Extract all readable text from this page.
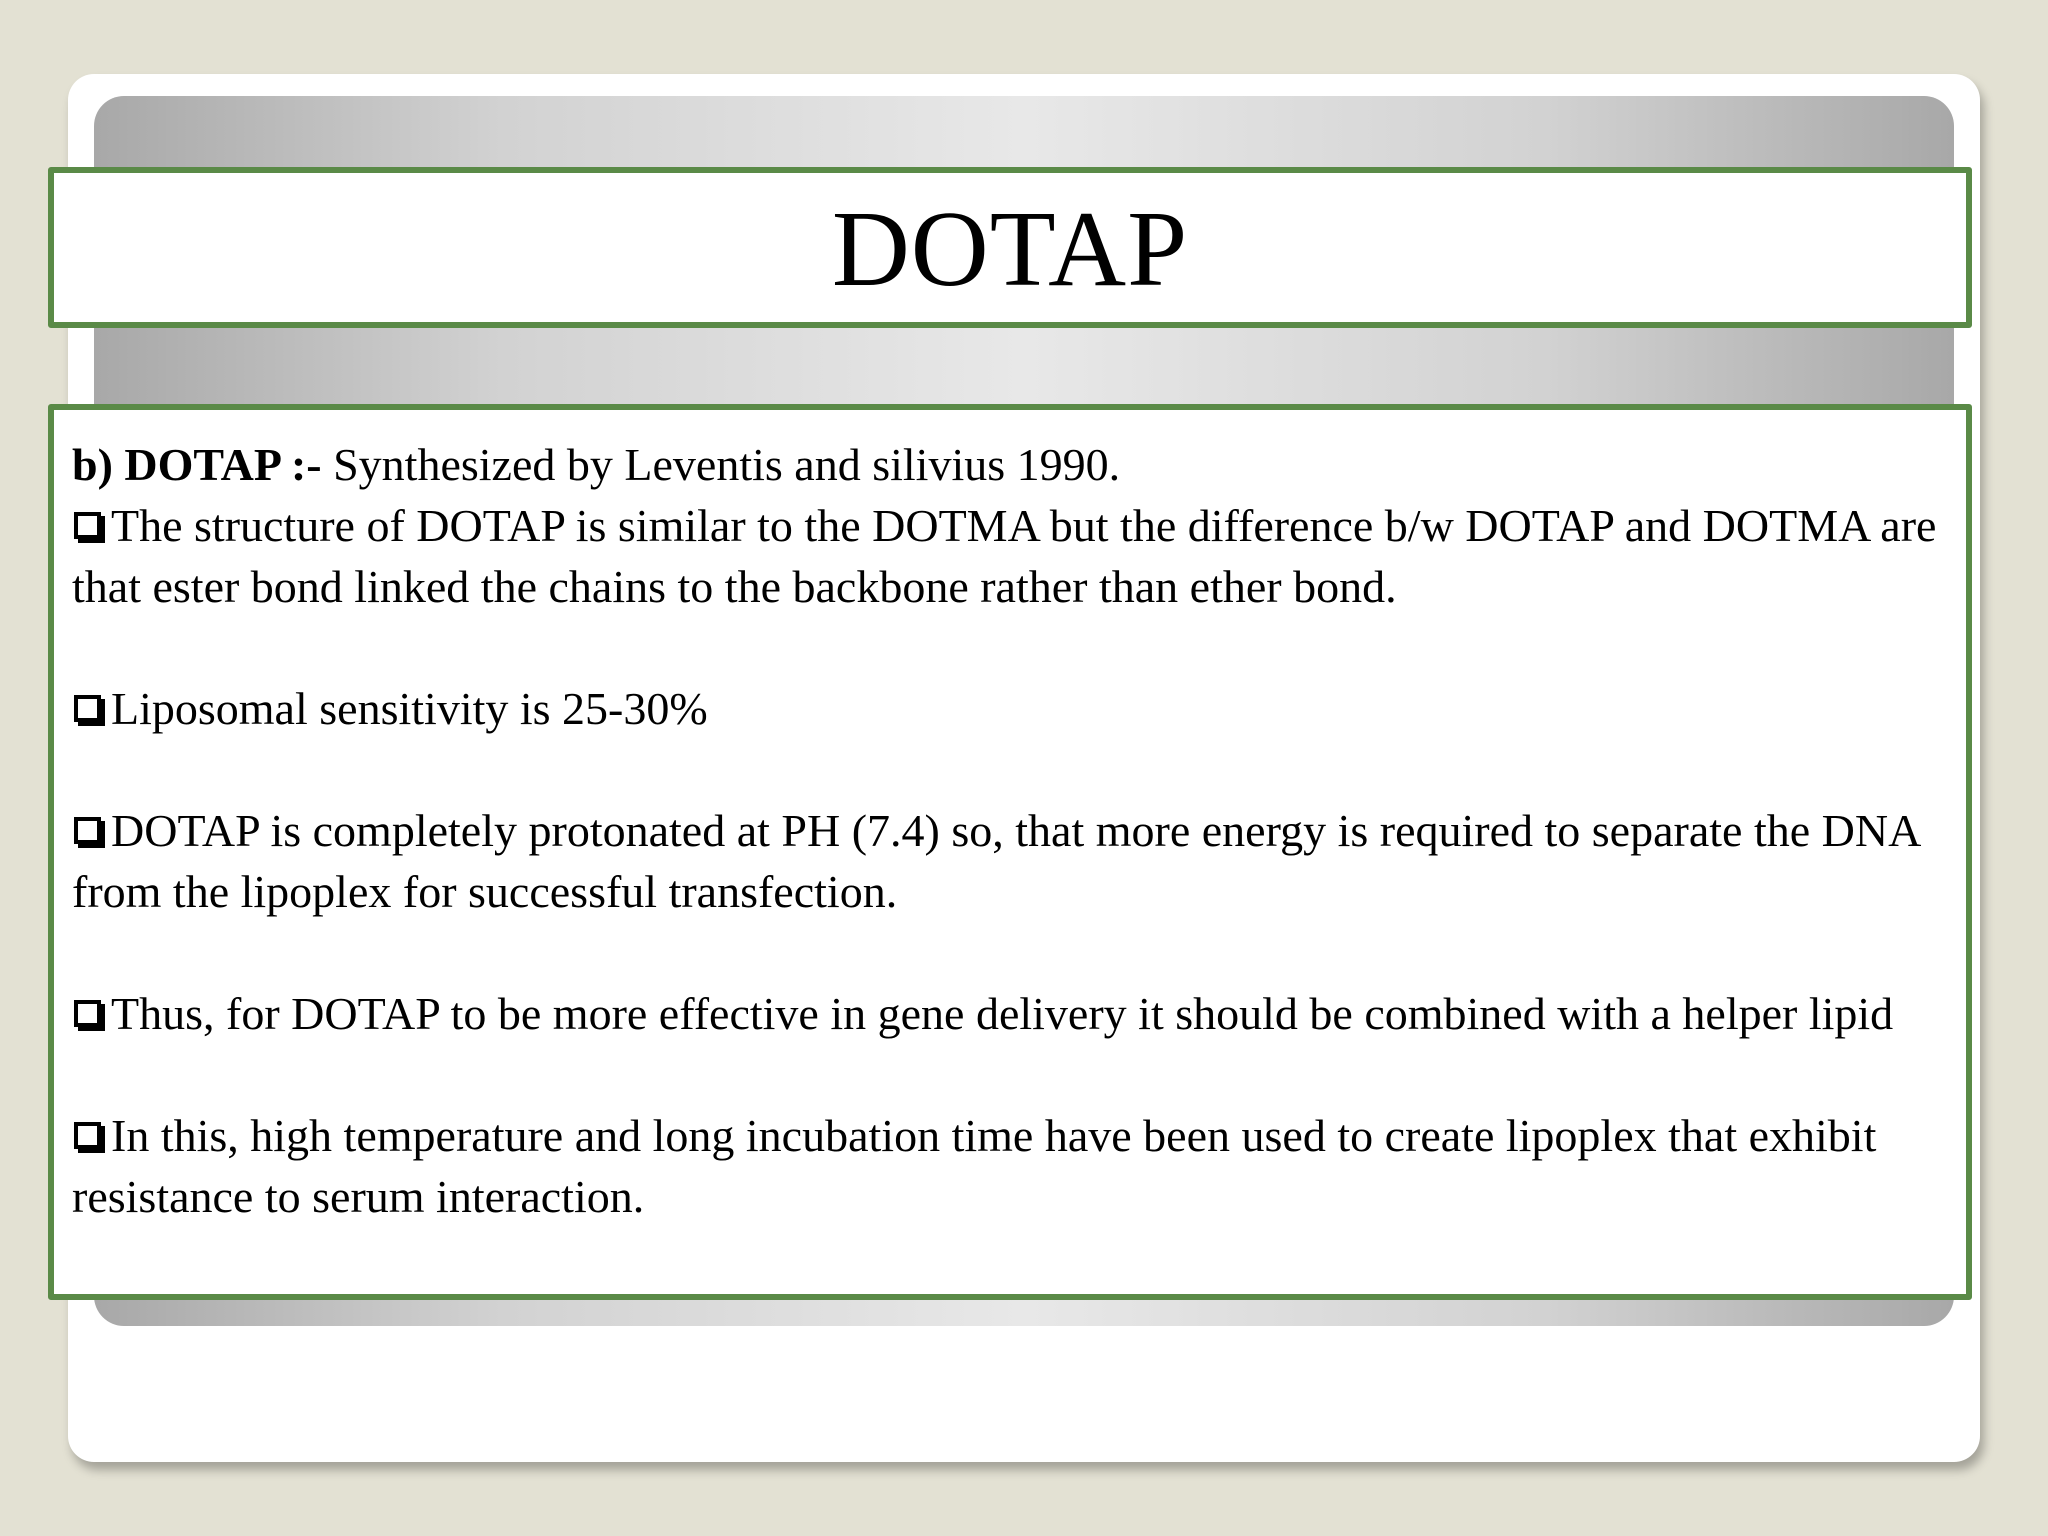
DOTAP

b) DOTAP :- Synthesized by Leventis and silivius 1990.

The structure of DOTAP is similar to the DOTMA but the difference b/w DOTAP and DOTMA are that ester bond linked the chains to the backbone rather than ether bond.

Liposomal sensitivity is 25-30%

DOTAP is completely protonated at PH (7.4) so, that more energy is required to separate the DNA from the lipoplex for successful transfection.

Thus, for DOTAP to be more effective in gene delivery it should be combined with a helper lipid

In this, high temperature and long incubation time have been used to create lipoplex that exhibit resistance to serum interaction.
